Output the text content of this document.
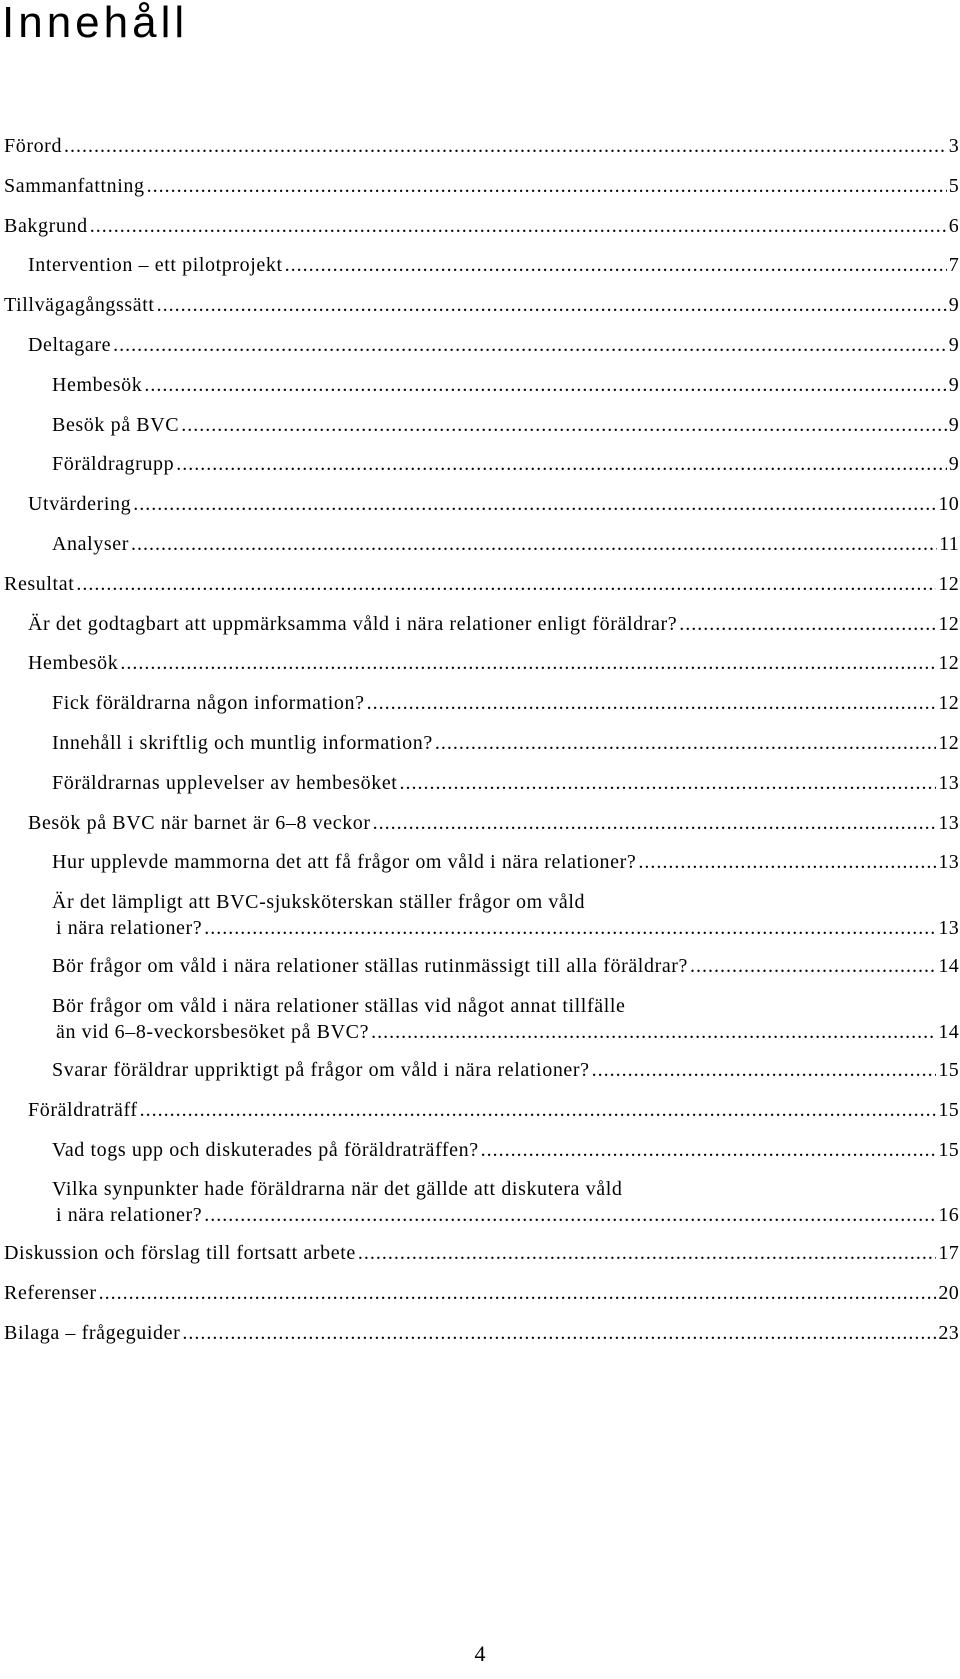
Innehåll
Förord .....	3
Sammanfattning .....	5
Bakgrund .....	6
Intervention – ett pilotprojekt .....	7
Tillvägagångssätt .....	9
Deltagare .....	9
Hembesök .....	9
Besök på BVC .....	9
Föräldragrupp .....	9
Utvärdering .....	10
Analyser .....	11
Resultat .....	12
Är det godtagbart att uppmärksamma våld i nära relationer enligt föräldrar? .....	12
Hembesök .....	12
Fick föräldrarna någon information? .....	12
Innehåll i skriftlig och muntlig information? .....	12
Föräldrarnas upplevelser av hembesöket .....	13
Besök på BVC när barnet är 6–8 veckor .....	13
Hur upplevde mammorna det att få frågor om våld i nära relationer? .....	13
Är det lämpligt att BVC-sjuksköterskan ställer frågor om våld
i nära relationer? .....	13
Bör frågor om våld i nära relationer ställas rutinmässigt till alla föräldrar? .....	14
Bör frågor om våld i nära relationer ställas vid något annat tillfälle
än vid 6–8-veckorsbesöket på BVC? .....	14
Svarar föräldrar uppriktigt på frågor om våld i nära relationer? .....	15
Föräldraträff .....	15
Vad togs upp och diskuterades på föräldraträffen? .....	15
Vilka synpunkter hade föräldrarna när det gällde att diskutera våld
i nära relationer? .....	16
Diskussion och förslag till fortsatt arbete .....	17
Referenser .....	20
Bilaga – frågeguider .....	23
4
